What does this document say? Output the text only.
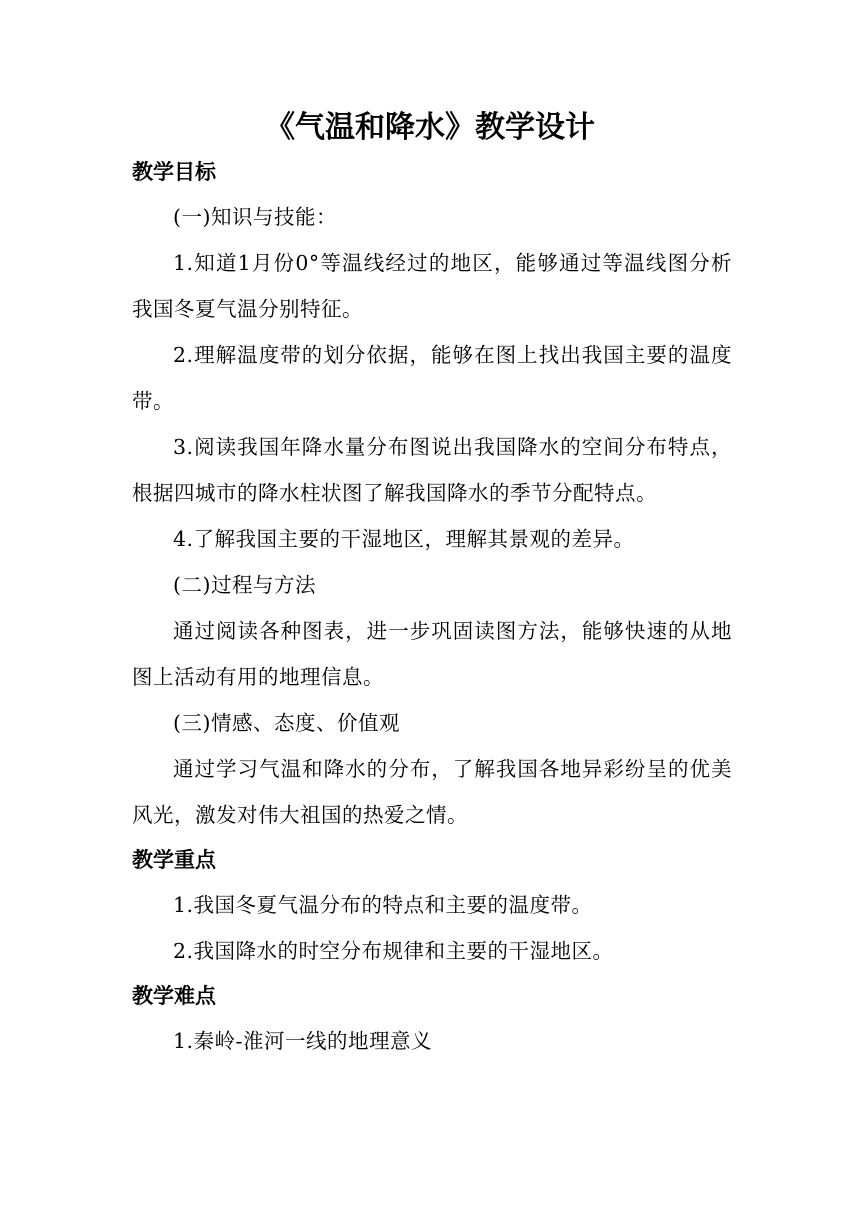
《气温和降水》教学设计
教学目标

(一)知识与技能：

1.知道1月份0°等温线经过的地区，能够通过等温线图分析我国冬夏气温分别特征。

2.理解温度带的划分依据，能够在图上找出我国主要的温度带。

3.阅读我国年降水量分布图说出我国降水的空间分布特点，根据四城市的降水柱状图了解我国降水的季节分配特点。

4.了解我国主要的干湿地区，理解其景观的差异。

(二)过程与方法

通过阅读各种图表，进一步巩固读图方法，能够快速的从地图上活动有用的地理信息。

(三)情感、态度、价值观

通过学习气温和降水的分布，了解我国各地异彩纷呈的优美风光，激发对伟大祖国的热爱之情。

教学重点

1.我国冬夏气温分布的特点和主要的温度带。

2.我国降水的时空分布规律和主要的干湿地区。

教学难点

1.秦岭-淮河一线的地理意义
